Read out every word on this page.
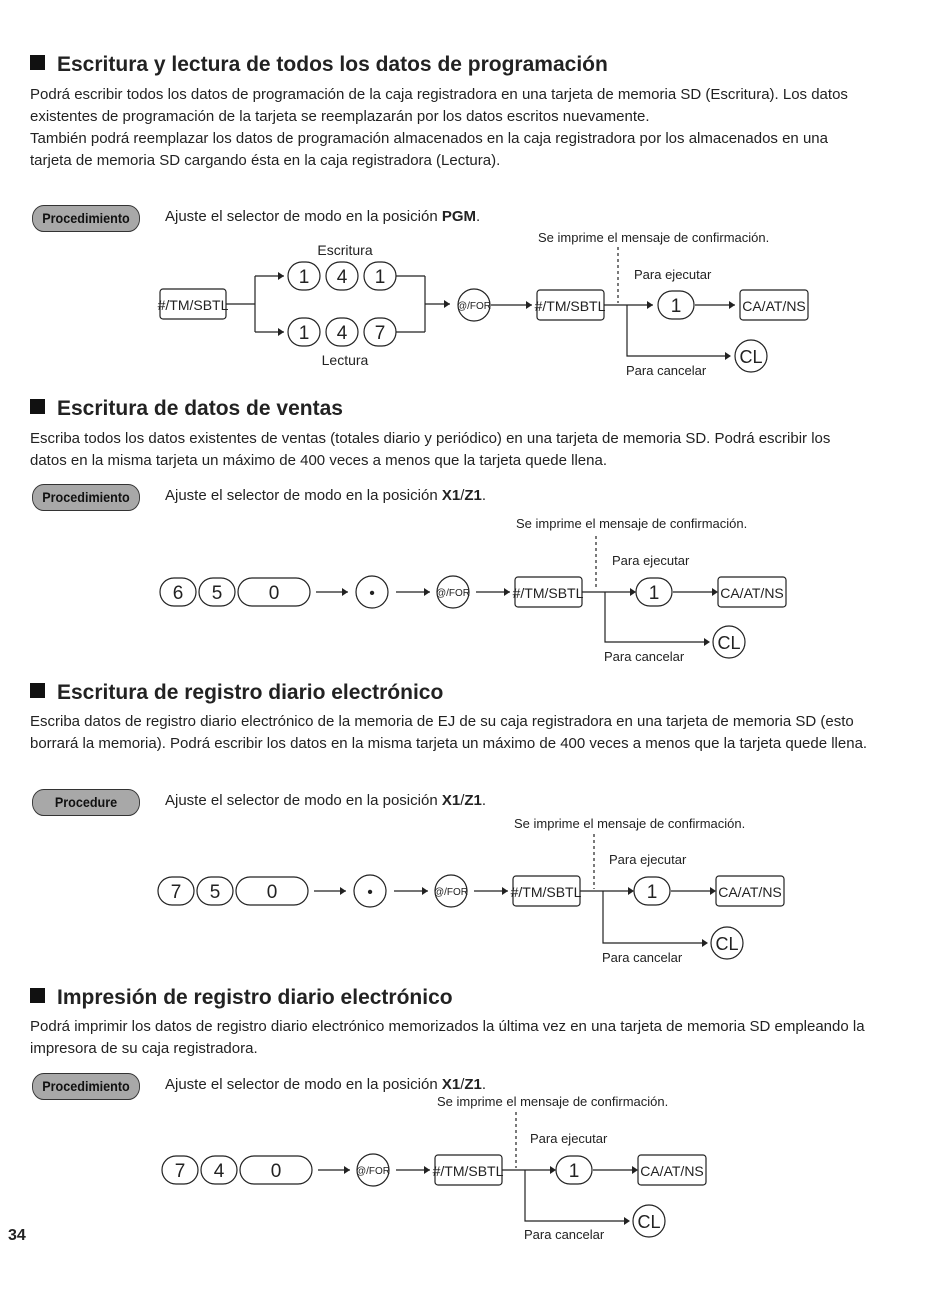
Escritura y lectura de todos los datos de programación

Podrá escribir todos los datos de programación de la caja registradora en una tarjeta de memoria SD (Escritura). Los datos existentes de programación de la tarjeta se reemplazarán por los datos escritos nuevamente.

También podrá reemplazar los datos de programación almacenados en la caja registradora por los almacenados en una tarjeta de memoria SD cargando ésta en la caja registradora (Lectura).

Procedimiento	Ajuste el selector de modo en la posición PGM.
Escritura
Lectura
#/TM/SBTL
1 4 1
1 4 7
@/FOR	#/TM/SBTL	1	CA/AT/NS
CL
Se imprime el mensaje de confirmación.
Para ejecutar
Para cancelar
Escritura de datos de ventas

Escriba todos los datos existentes de ventas (totales diario y periódico) en una tarjeta de memoria SD. Podrá escribir los datos en la misma tarjeta un máximo de 400 veces a menos que la tarjeta quede llena.

Procedimiento	Ajuste el selector de modo en la posición X1/Z1.
6 5 0	•	@/FOR	#/TM/SBTL	1	CA/AT/NS
CL
Se imprime el mensaje de confirmación.
Para ejecutar
Para cancelar
Escritura de registro diario electrónico

Escriba datos de registro diario electrónico de la memoria de EJ de su caja registradora en una tarjeta de memoria SD (esto borrará la memoria). Podrá escribir los datos en la misma tarjeta un máximo de 400 veces a menos que la tarjeta quede llena.

Procedure	Ajuste el selector de modo en la posición X1/Z1.
7 5 0	•	@/FOR	#/TM/SBTL	1	CA/AT/NS
CL
Se imprime el mensaje de confirmación.
Para ejecutar
Para cancelar
Impresión de registro diario electrónico

Podrá imprimir los datos de registro diario electrónico memorizados la última vez en una tarjeta de memoria SD empleando la impresora de su caja registradora.

Procedimiento	Ajuste el selector de modo en la posición X1/Z1.
7 4 0	@/FOR	#/TM/SBTL	1	CA/AT/NS
CL
Se imprime el mensaje de confirmación.
Para ejecutar
Para cancelar
34
